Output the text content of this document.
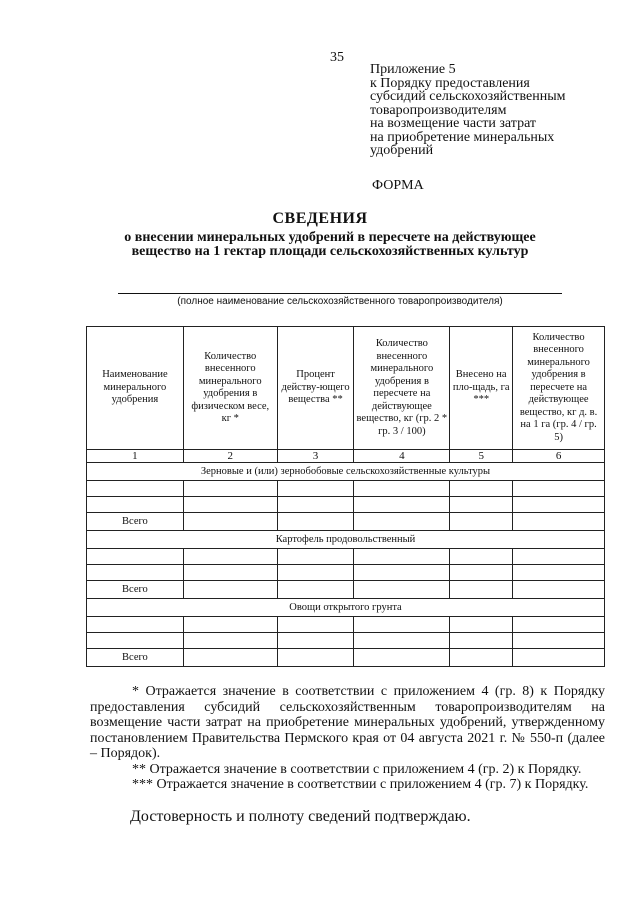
35
Приложение 5
к Порядку предоставления
субсидий сельскохозяйственным
товаропроизводителям
на возмещение части затрат
на приобретение минеральных
удобрений
ФОРМА
СВЕДЕНИЯ
о внесении минеральных удобрений в пересчете на действующее вещество на 1 гектар площади сельскохозяйственных культур
(полное наименование сельскохозяйственного товаропроизводителя)
Наименование минерального удобрения	Количество внесенного минерального удобрения в физическом весе, кг *	Процент действу-ющего вещества **	Количество внесенного минерального удобрения в пересчете на действующее вещество, кг (гр. 2 * гр. 3 / 100)	Внесено на пло-щадь, га ***	Количество внесенного минерального удобрения в пересчете на действующее вещество, кг д. в. на 1 га (гр. 4 / гр. 5)
1	2	3	4	5	6
Зерновые и (или) зернобобовые сельскохозяйственные культуры					

Всего					
Картофель продовольственный					

Всего					
Овощи открытого грунта					

Всего					

* Отражается значение в соответствии с приложением 4 (гр. 8) к Порядку предоставления субсидий сельскохозяйственным товаропроизводителям на возмещение части затрат на приобретение минеральных удобрений, утвержденному постановлением Правительства Пермского края от 04 августа 2021 г. № 550-п (далее – Порядок).

** Отражается значение в соответствии с приложением 4 (гр. 2) к Порядку.

*** Отражается значение в соответствии с приложением 4 (гр. 7) к Порядку.

Достоверность и полноту сведений подтверждаю.
